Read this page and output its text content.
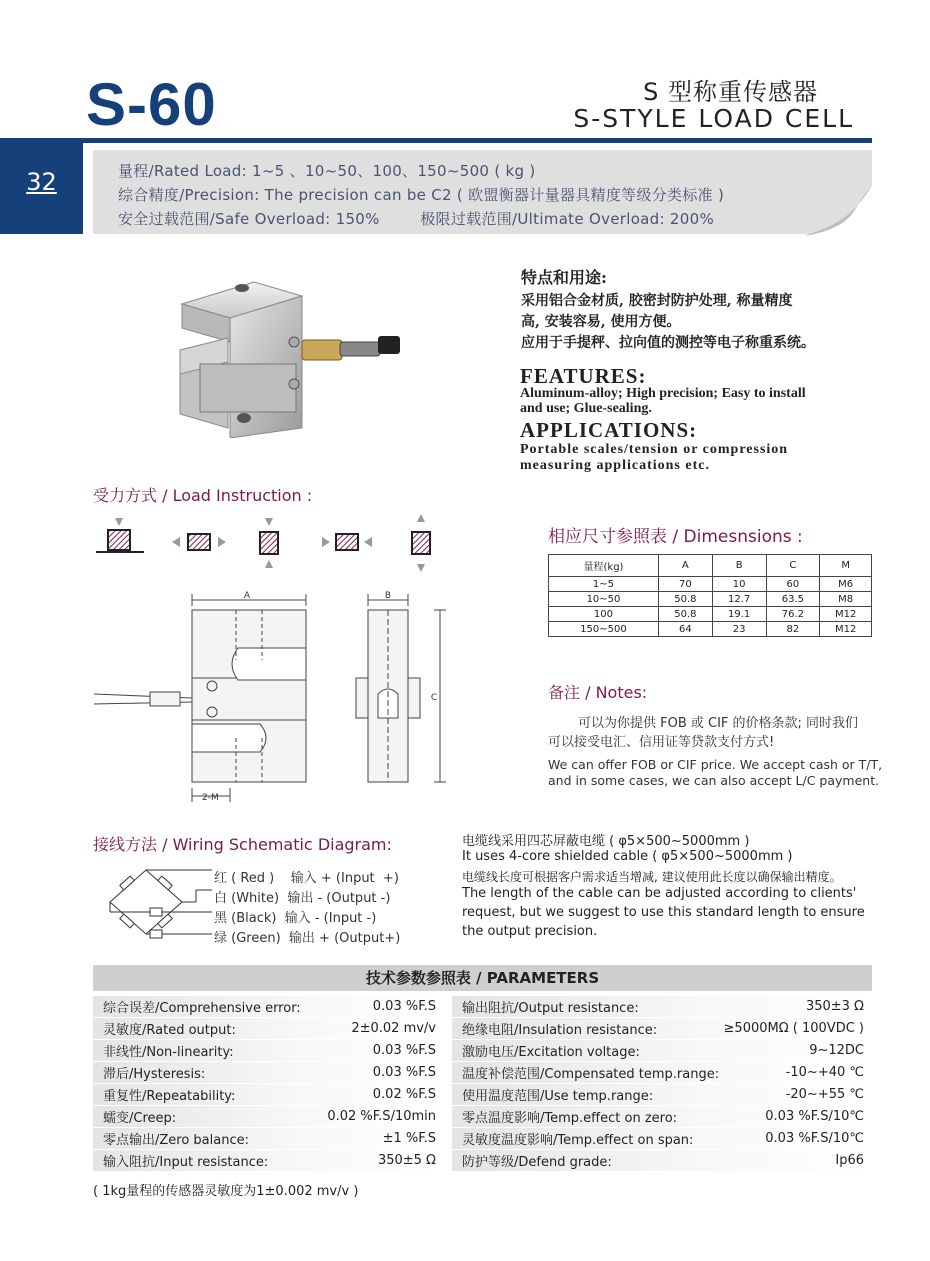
S-60	S 型称重传感器
S-STYLE LOAD CELL
32	量程/Rated Load: 1~5 、10~50、100、150~500 ( kg )
综合精度/Precision: The precision can be C2 ( 欧盟衡器计量器具精度等级分类标准 )
安全过载范围/Safe Overload: 150%        极限过载范围/Ultimate Overload: 200%
特点和用途:
采用铝合金材质, 胶密封防护处理, 称量精度
高, 安装容易, 使用方便。
应用于手提秤、拉向值的测控等电子称重系统。
FEATURES:
Aluminum-alloy; High precision; Easy to install
and use; Glue-sealing.
APPLICATIONS:
Portable scales/tension or compression
measuring applications etc.
受力方式 / Load Instruction :
A	B
C
2-M
相应尺寸参照表 / Dimesnsions :
量程(kg)	A	B	C	M
1~5	70	10	60	M6
10~50	50.8	12.7	63.5	M8
100	50.8	19.1	76.2	M12
150~500	64	23	82	M12
备注 / Notes:
可以为你提供 FOB 或 CIF 的价格条款; 同时我们
可以接受电汇、信用证等贷款支付方式!
We can offer FOB or CIF price. We accept cash or T/T,
and in some cases, we can also accept L/C payment.
接线方法 / Wiring Schematic Diagram:
红 ( Red )    输入 + (Input  +)
白 (White)  输出 - (Output -)
黑 (Black)  输入 - (Input -)
绿 (Green)  输出 + (Output+)
电缆线采用四芯屏蔽电缆 ( φ5×500~5000mm )
It uses 4-core shielded cable ( φ5×500~5000mm )
电缆线长度可根据客户需求适当增减, 建议使用此长度以确保输出精度。
The length of the cable can be adjusted according to clients'
request, but we suggest to use this standard length to ensure
the output precision.
技术参数参照表 / PARAMETERS
综合误差/Comprehensive error:	0.03 %F.S
灵敏度/Rated output:	2±0.02 mv/v
非线性/Non-linearity:	0.03 %F.S
滞后/Hysteresis:	0.03 %F.S
重复性/Repeatability:	0.02 %F.S
蠕变/Creep:	0.02 %F.S/10min
零点输出/Zero balance:	±1 %F.S
输入阻抗/Input resistance:	350±5 Ω
输出阻抗/Output resistance:	350±3 Ω
绝缘电阻/Insulation resistance:	≥5000MΩ ( 100VDC )
激励电压/Excitation voltage:	9~12DC
温度补偿范围/Compensated temp.range:	-10~+40 ℃
使用温度范围/Use temp.range:	-20~+55 ℃
零点温度影响/Temp.effect on zero:	0.03 %F.S/10℃
灵敏度温度影响/Temp.effect on span:	0.03 %F.S/10℃
防护等级/Defend grade:	Ip66
( 1kg量程的传感器灵敏度为1±0.002 mv/v )
